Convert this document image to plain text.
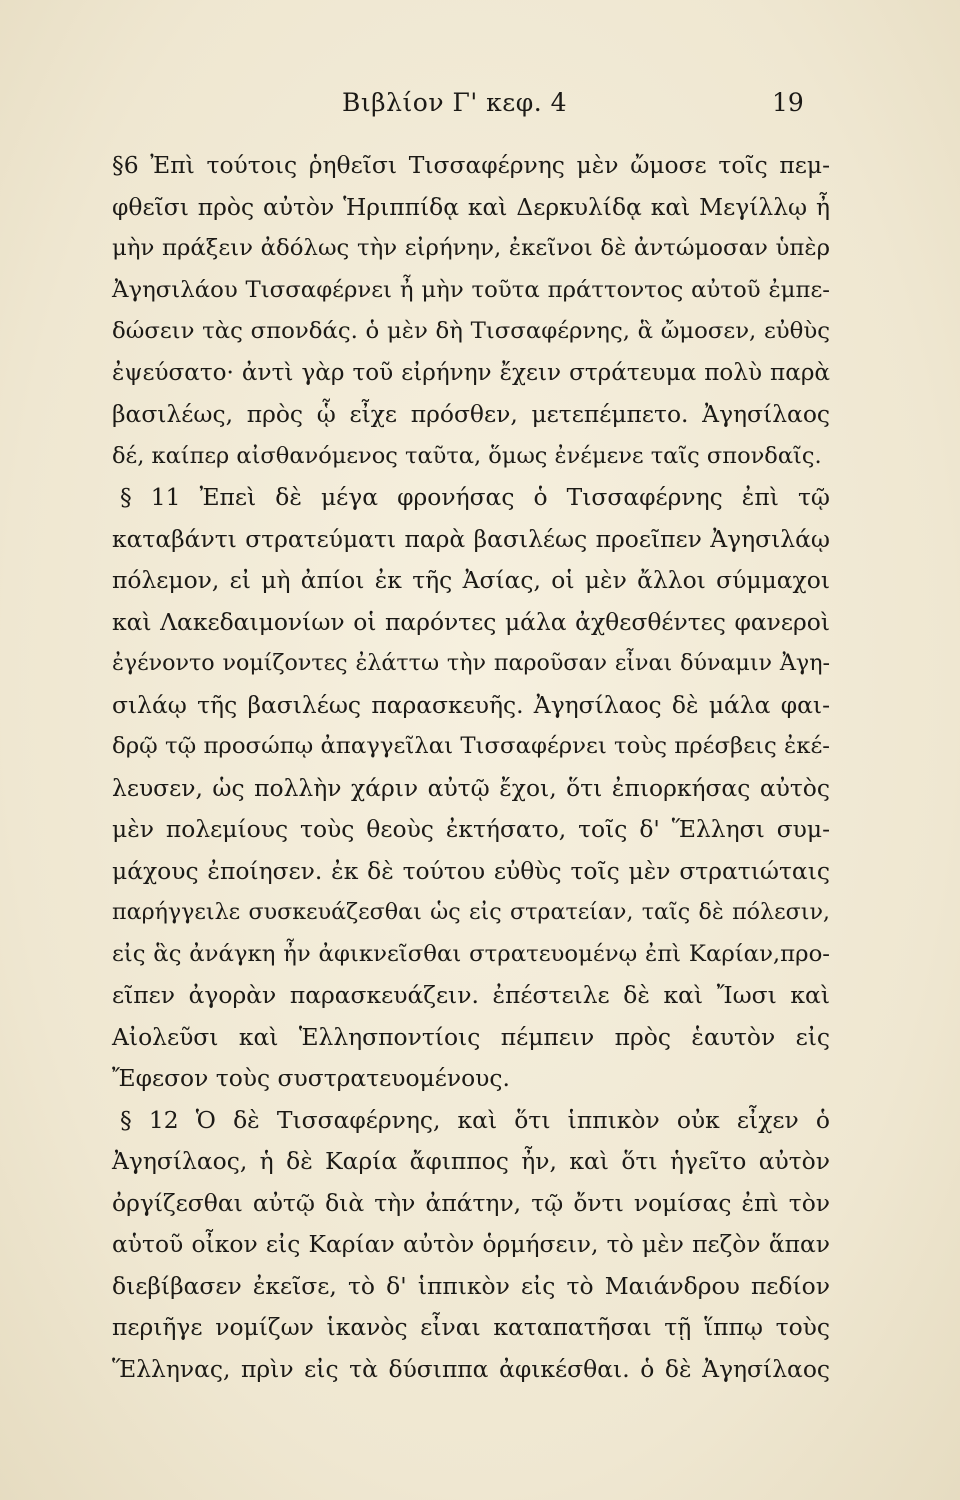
Βιβλίον Γ' κεφ. 4	19
§6 Ἐπὶ τούτοις ῥηθεῖσι Τισσαφέρνης μὲν ὤμοσε τοῖς πεμ-
φθεῖσι πρὸς αὐτὸν Ἡριππίδᾳ καὶ Δερκυλίδᾳ καὶ Μεγίλλῳ ἦ
μὴν πράξειν ἀδόλως τὴν εἰρήνην, ἐκεῖνοι δὲ ἀντώμοσαν ὑπὲρ
Ἀγησιλάου Τισσαφέρνει ἦ μὴν τοῦτα πράττοντος αὐτοῦ ἐμπε-
δώσειν τὰς σπονδάς. ὁ μὲν δὴ Τισσαφέρνης, ἃ ὤμοσεν, εὐθὺς
ἐψεύσατο· ἀντὶ γὰρ τοῦ εἰρήνην ἔχειν στράτευμα πολὺ παρὰ
βασιλέως, πρὸς ᾧ εἶχε πρόσθεν, μετεπέμπετο. Ἀγησίλαος
δέ, καίπερ αἰσθανόμενος ταῦτα, ὅμως ἐνέμενε ταῖς σπονδαῖς.
§ 11 Ἐπεὶ δὲ μέγα φρονήσας ὁ Τισσαφέρνης ἐπὶ τῷ
καταβάντι στρατεύματι παρὰ βασιλέως προεῖπεν Ἀγησιλάῳ
πόλεμον, εἰ μὴ ἀπίοι ἐκ τῆς Ἀσίας, οἱ μὲν ἄλλοι σύμμαχοι
καὶ Λακεδαιμονίων οἱ παρόντες μάλα ἀχθεσθέντες φανεροὶ
ἐγένοντο νομίζοντες ἐλάττω τὴν παροῦσαν εἶναι δύναμιν Ἀγη-
σιλάῳ τῆς βασιλέως παρασκευῆς. Ἀγησίλαος δὲ μάλα φαι-
δρῷ τῷ προσώπῳ ἀπαγγεῖλαι Τισσαφέρνει τοὺς πρέσβεις ἐκέ-
λευσεν, ὡς πολλὴν χάριν αὐτῷ ἔχοι, ὅτι ἐπιορκήσας αὐτὸς
μὲν πολεμίους τοὺς θεοὺς ἐκτήσατο, τοῖς δ' Ἕλλησι συμ-
μάχους ἐποίησεν. ἐκ δὲ τούτου εὐθὺς τοῖς μὲν στρατιώταις
παρήγγειλε συσκευάζεσθαι ὡς εἰς στρατείαν, ταῖς δὲ πόλεσιν,
εἰς ἃς ἀνάγκη ἦν ἀφικνεῖσθαι στρατευομένῳ ἐπὶ Καρίαν,προ-
εῖπεν ἀγορὰν παρασκευάζειν. ἐπέστειλε δὲ καὶ Ἴωσι καὶ
Αἰολεῦσι καὶ Ἑλλησποντίοις πέμπειν πρὸς ἑαυτὸν εἰς
Ἔφεσον τοὺς συστρατευομένους.
§ 12 Ὁ δὲ Τισσαφέρνης, καὶ ὅτι ἱππικὸν οὐκ εἶχεν ὁ
Ἀγησίλαος, ἡ δὲ Καρία ἄφιππος ἦν, καὶ ὅτι ἡγεῖτο αὐτὸν
ὀργίζεσθαι αὐτῷ διὰ τὴν ἀπάτην, τῷ ὄντι νομίσας ἐπὶ τὸν
αὑτοῦ οἶκον εἰς Καρίαν αὐτὸν ὁρμήσειν, τὸ μὲν πεζὸν ἅπαν
διεβίβασεν ἐκεῖσε, τὸ δ' ἱππικὸν εἰς τὸ Μαιάνδρου πεδίον
περιῆγε νομίζων ἱκανὸς εἶναι καταπατῆσαι τῇ ἵππῳ τοὺς
Ἕλληνας, πρὶν εἰς τὰ δύσιππα ἀφικέσθαι. ὁ δὲ Ἀγησίλαος
